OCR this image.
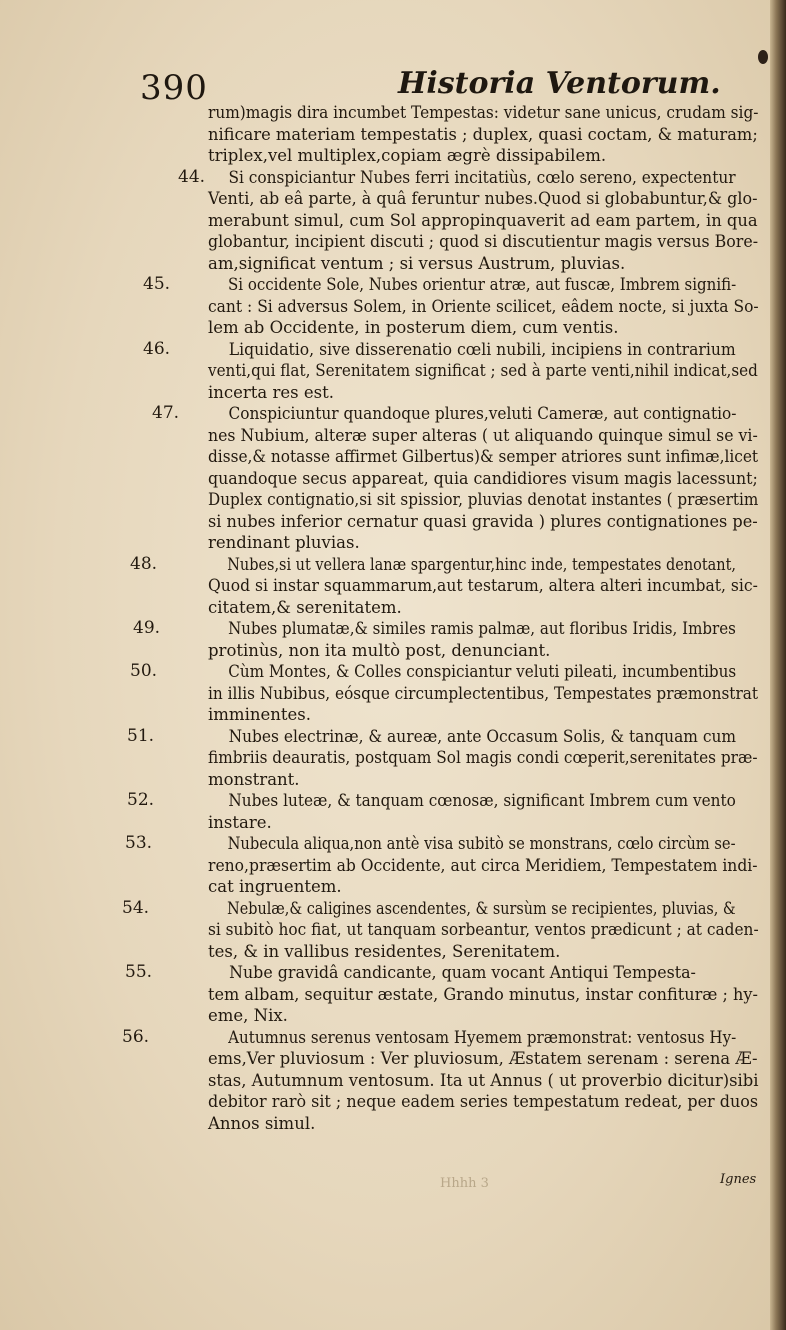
390	Historia Ventorum.
rum)magis dira incumbet Tempestas: videtur sane unicus, crudam sig-
nificare materiam tempestatis ; duplex, quasi coctam, & maturam;
triplex,vel multiplex,copiam ægrè dissipabilem.
44.	Si conspiciantur Nubes ferri incitatiùs, cœlo sereno, expectentur
Venti, ab eâ parte, à quâ feruntur nubes.Quod si globabuntur,& glo-
merabunt simul, cum Sol appropinquaverit ad eam partem, in qua
globantur, incipient discuti ; quod si discutientur magis versus Bore-
am,significat ventum ; si versus Austrum, pluvias.
45.	Si occidente Sole, Nubes orientur atræ, aut fuscæ, Imbrem signifi-
cant : Si adversus Solem, in Oriente scilicet, eâdem nocte, si juxta So-
lem ab Occidente, in posterum diem, cum ventis.
46.	Liquidatio, sive disserenatio cœli nubili, incipiens in contrarium
venti,qui flat, Serenitatem significat ; sed à parte venti,nihil indicat,sed
incerta res est.
47.	Conspiciuntur quandoque plures,veluti Cameræ, aut contignatio-
nes Nubium, alteræ super alteras ( ut aliquando quinque simul se vi-
disse,& notasse affirmet Gilbertus)& semper atriores sunt infimæ,licet
quandoque secus appareat, quia candidiores visum magis lacessunt;
Duplex contignatio,si sit spissior, pluvias denotat instantes ( præsertim
si nubes inferior cernatur quasi gravida ) plures contignationes pe-
rendinant pluvias.
48.	Nubes,si ut vellera lanæ spargentur,hinc inde, tempestates denotant,
Quod si instar squammarum,aut testarum, altera alteri incumbat, sic-
citatem,& serenitatem.
49.	Nubes plumatæ,& similes ramis palmæ, aut floribus Iridis, Imbres
protinùs, non ita multò post, denunciant.
50.	Cùm Montes, & Colles conspiciantur veluti pileati, incumbentibus
in illis Nubibus, eósque circumplectentibus, Tempestates præmonstrat
imminentes.
51.	Nubes electrinæ, & aureæ, ante Occasum Solis, & tanquam cum
fimbriis deauratis, postquam Sol magis condi cœperit,serenitates præ-
monstrant.
52.	Nubes luteæ, & tanquam cœnosæ, significant Imbrem cum vento
instare.
53.	Nubecula aliqua,non antè visa subitò se monstrans, cœlo circùm se-
reno,præsertim ab Occidente, aut circa Meridiem, Tempestatem indi-
cat ingruentem.
54.	Nebulæ,& caligines ascendentes, & sursùm se recipientes, pluvias, &
si subitò hoc fiat, ut tanquam sorbeantur, ventos prædicunt ; at caden-
tes, & in vallibus residentes, Serenitatem.
55.	Nube gravidâ candicante, quam vocant Antiqui Tempesta-
tem albam, sequitur æstate, Grando minutus, instar confituræ ; hy-
eme, Nix.
56.	Autumnus serenus ventosam Hyemem præmonstrat: ventosus Hy-
ems,Ver pluviosum : Ver pluviosum, Æstatem serenam : serena Æ-
stas, Autumnum ventosum. Ita ut Annus ( ut proverbio dicitur)sibi
debitor rarò sit ; neque eadem series tempestatum redeat, per duos
Annos simul.
Hhhh 3	Ignes
